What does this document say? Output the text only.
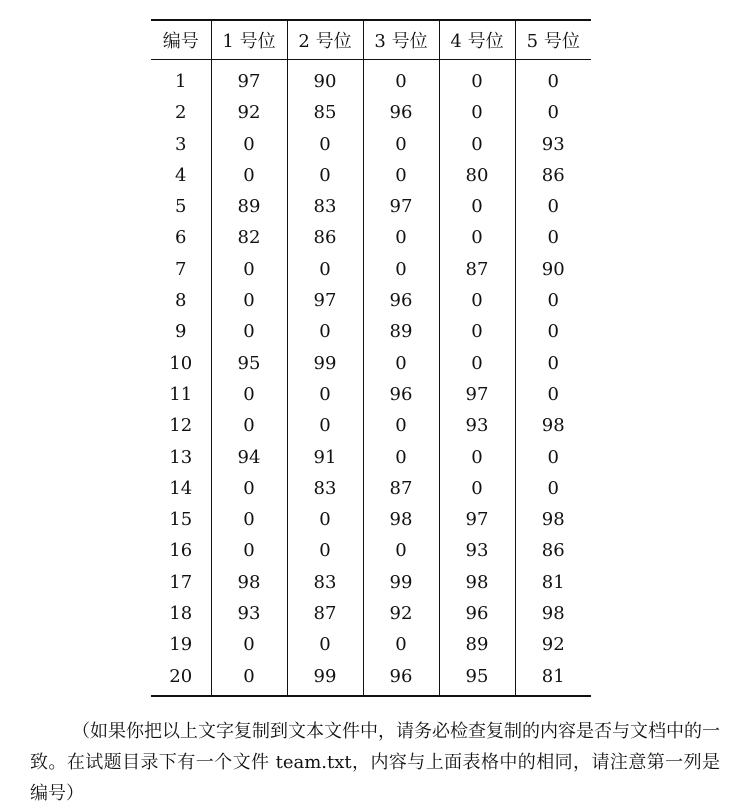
编号	1 号位	2 号位	3 号位	4 号位	5 号位
1	97	90	0	0	0
2	92	85	96	0	0
3	0	0	0	0	93
4	0	0	0	80	86
5	89	83	97	0	0
6	82	86	0	0	0
7	0	0	0	87	90
8	0	97	96	0	0
9	0	0	89	0	0
10	95	99	0	0	0
11	0	0	96	97	0
12	0	0	0	93	98
13	94	91	0	0	0
14	0	83	87	0	0
15	0	0	98	97	98
16	0	0	0	93	86
17	98	83	99	98	81
18	93	87	92	96	98
19	0	0	0	89	92
20	0	99	96	95	81

（如果你把以上文字复制到文本文件中，请务必检查复制的内容是否与文档中的一致。在试题目录下有一个文件 team.txt，内容与上面表格中的相同，请注意第一列是编号）
